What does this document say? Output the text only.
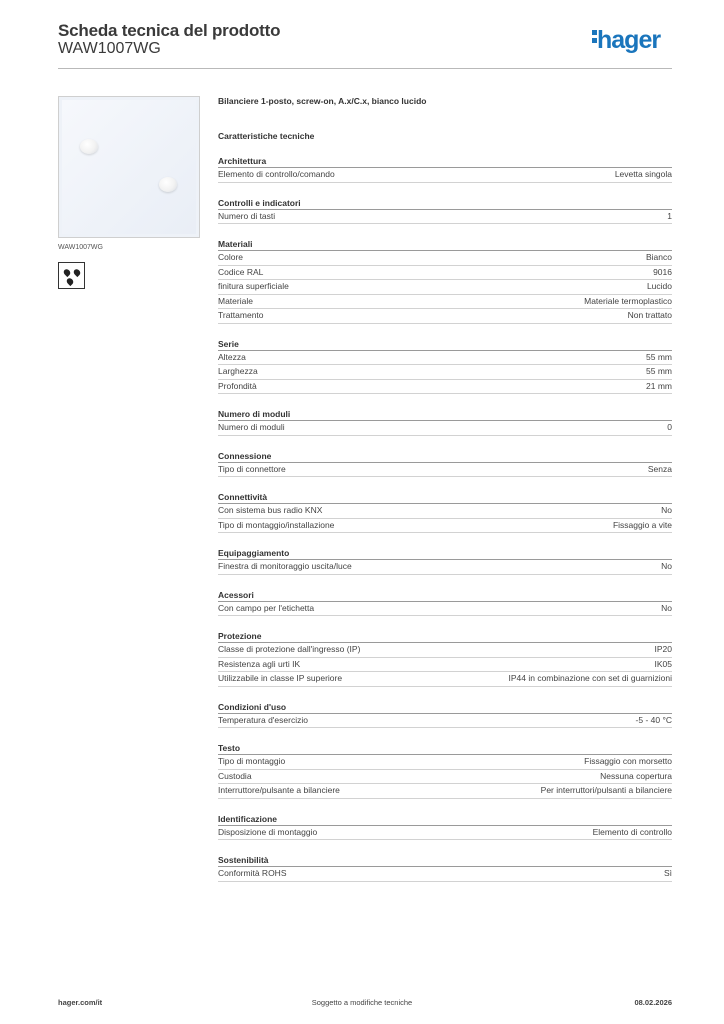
Scheda tecnica del prodotto
WAW1007WG	hager
WAW1007WG
Bilanciere 1-posto, screw-on, A.x/C.x, bianco lucido
Caratteristiche tecniche
Architettura
Elemento di controllo/comando	Levetta singola
Controlli e indicatori
Numero di tasti	1
Materiali
Colore	Bianco
Codice RAL	9016
finitura superficiale	Lucido
Materiale	Materiale termoplastico
Trattamento	Non trattato
Serie
Altezza	55 mm
Larghezza	55 mm
Profondità	21 mm
Numero di moduli
Numero di moduli	0
Connessione
Tipo di connettore	Senza
Connettività
Con sistema bus radio KNX	No
Tipo di montaggio/installazione	Fissaggio a vite
Equipaggiamento
Finestra di monitoraggio uscita/luce	No
Acessori
Con campo per l'etichetta	No
Protezione
Classe di protezione dall'ingresso (IP)	IP20
Resistenza agli urti IK	IK05
Utilizzabile in classe IP superiore	IP44 in combinazione con set di guarnizioni
Condizioni d'uso
Temperatura d'esercizio	-5 - 40 °C
Testo
Tipo di montaggio	Fissaggio con morsetto
Custodia	Nessuna copertura
Interruttore/pulsante a bilanciere	Per interruttori/pulsanti a bilanciere
Identificazione
Disposizione di montaggio	Elemento di controllo
Sostenibilità
Conformità ROHS	Sì
hager.com/it	Soggetto a modifiche tecniche	08.02.2026
